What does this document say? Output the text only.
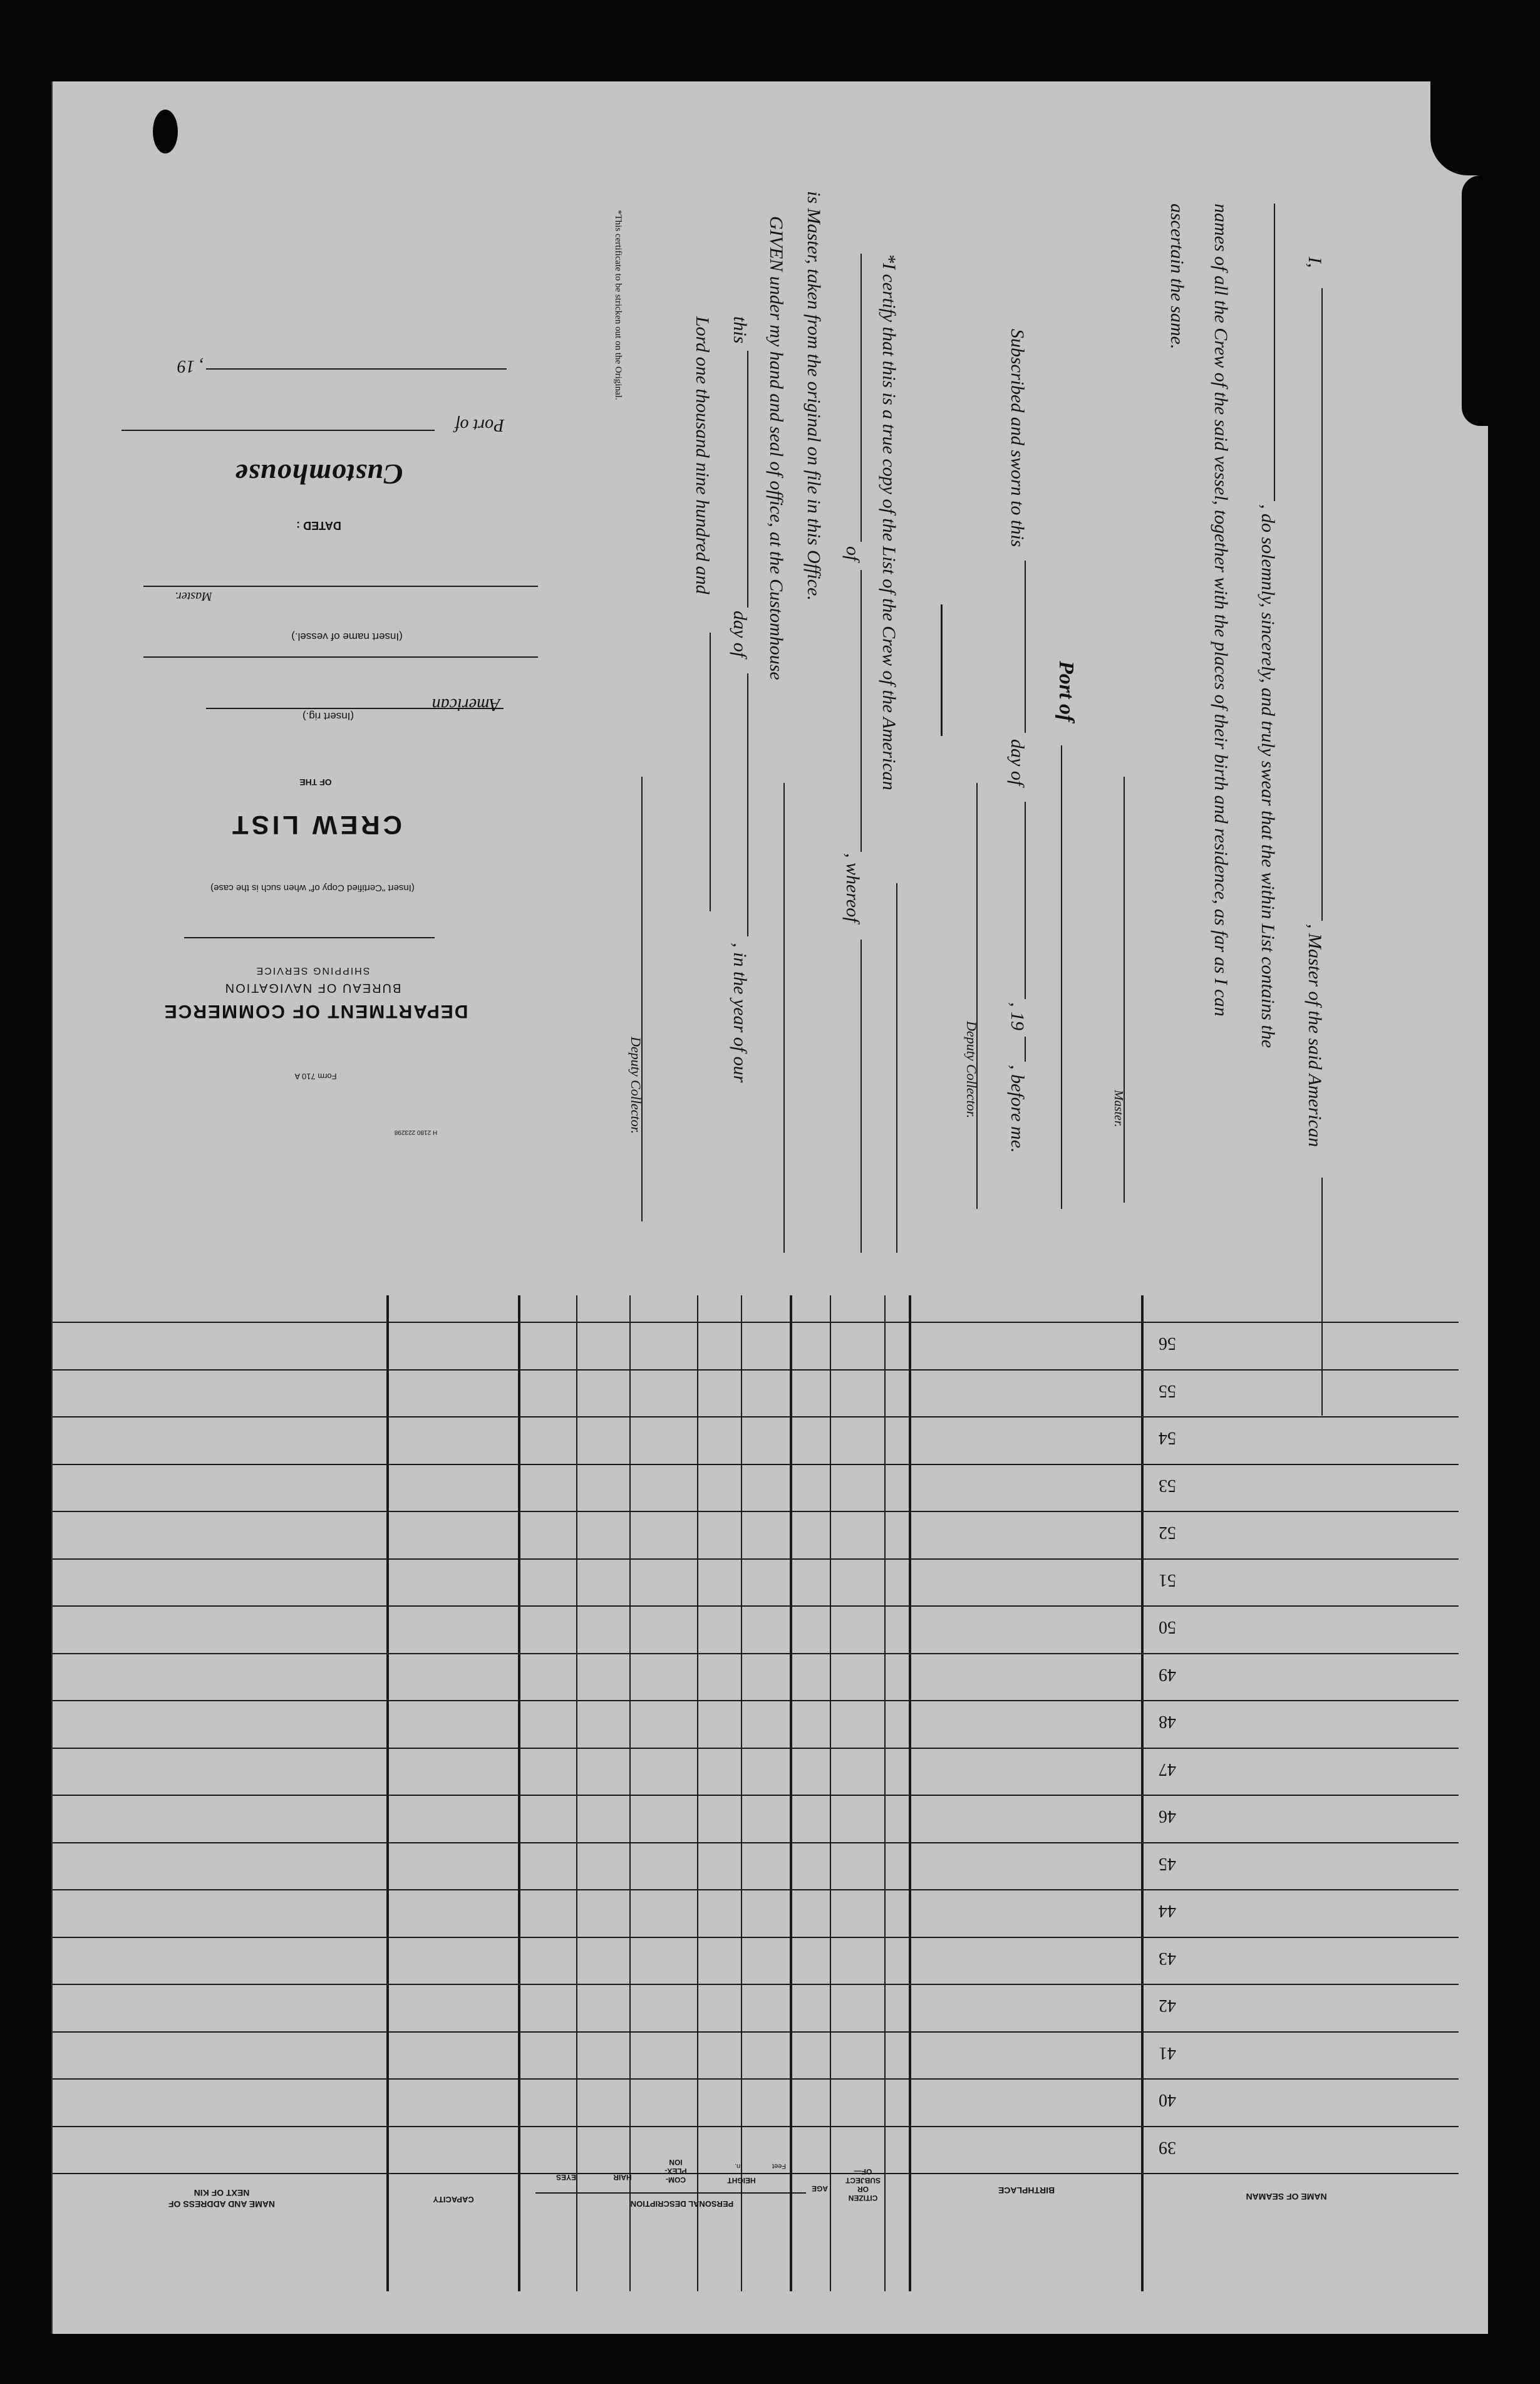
I,
, Master of the said American
, do solemnly, sincerely, and truly swear that the within List contains the
names of all the Crew of the said vessel, together with the places of their birth and residence, as far as I can
ascertain the same.
Master.
Port of
Subscribed and sworn to this
day of
, 19
, before me.
Deputy Collector.
*I certify that this is a true copy of the List of the Crew of the American
of
, whereof
is Master, taken from the original on file in this Office.
GIVEN under my hand and seal of office, at the Customhouse
this
day of
, in the year of our
Lord one thousand nine hundred and
Deputy Collector.
*This certificate to be stricken out on the Original.
, 19
Port of
Customhouse
DATED :
Master.
(Insert name of vessel.)
American
(Insert rig.)
OF THE
CREW LIST
(Insert "Certified Copy of" when such is the case)
SHIPPING SERVICE
BUREAU OF NAVIGATION
DEPARTMENT OF COMMERCE
Form 710 A
H 2180 223298
NAME OF SEAMAN
BIRTHPLACE
CITIZEN
OR
SUBJECT
OF—
AGE
PERSONAL DESCRIPTION
HEIGHT
Feet
In.
COM-
PLEX-
ION
HAIR
EYES
CAPACITY
NAME AND ADDRESS OF
NEXT OF KIN
56
55
54
53
52
51
50
49
48
47
46
45
44
43
42
41
40
39
